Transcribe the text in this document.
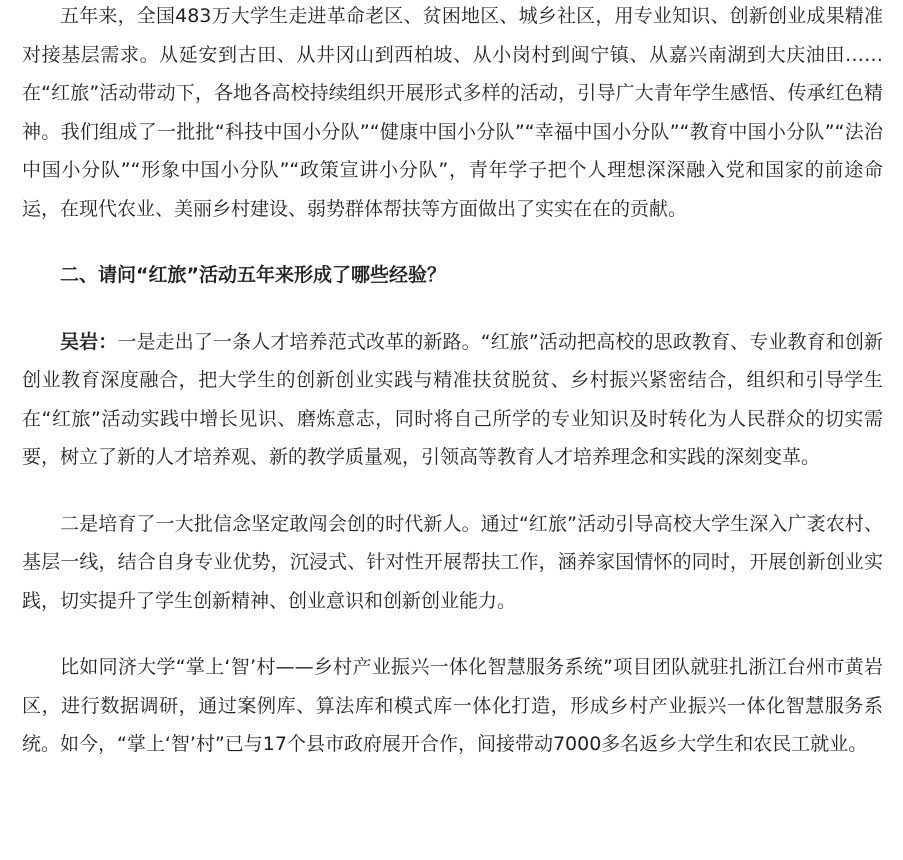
五年来，全国483万大学生走进革命老区、贫困地区、城乡社区，用专业知识、创新创业成果精准对接基层需求。从延安到古田、从井冈山到西柏坡、从小岗村到闽宁镇、从嘉兴南湖到大庆油田……在“红旅”活动带动下，各地各高校持续组织开展形式多样的活动，引导广大青年学生感悟、传承红色精神。我们组成了一批批“科技中国小分队”“健康中国小分队”“幸福中国小分队”“教育中国小分队”“法治中国小分队”“形象中国小分队”“政策宣讲小分队”，青年学子把个人理想深深融入党和国家的前途命运，在现代农业、美丽乡村建设、弱势群体帮扶等方面做出了实实在在的贡献。

二、请问“红旅”活动五年来形成了哪些经验？

吴岩：一是走出了一条人才培养范式改革的新路。“红旅”活动把高校的思政教育、专业教育和创新创业教育深度融合，把大学生的创新创业实践与精准扶贫脱贫、乡村振兴紧密结合，组织和引导学生在“红旅”活动实践中增长见识、磨炼意志，同时将自己所学的专业知识及时转化为人民群众的切实需要，树立了新的人才培养观、新的教学质量观，引领高等教育人才培养理念和实践的深刻变革。

二是培育了一大批信念坚定敢闯会创的时代新人。通过“红旅”活动引导高校大学生深入广袤农村、基层一线，结合自身专业优势，沉浸式、针对性开展帮扶工作，涵养家国情怀的同时，开展创新创业实践，切实提升了学生创新精神、创业意识和创新创业能力。

比如同济大学“掌上‘智’村——乡村产业振兴一体化智慧服务系统”项目团队就驻扎浙江台州市黄岩区，进行数据调研，通过案例库、算法库和模式库一体化打造，形成乡村产业振兴一体化智慧服务系统。如今，“掌上‘智’村”已与17个县市政府展开合作，间接带动7000多名返乡大学生和农民工就业。
